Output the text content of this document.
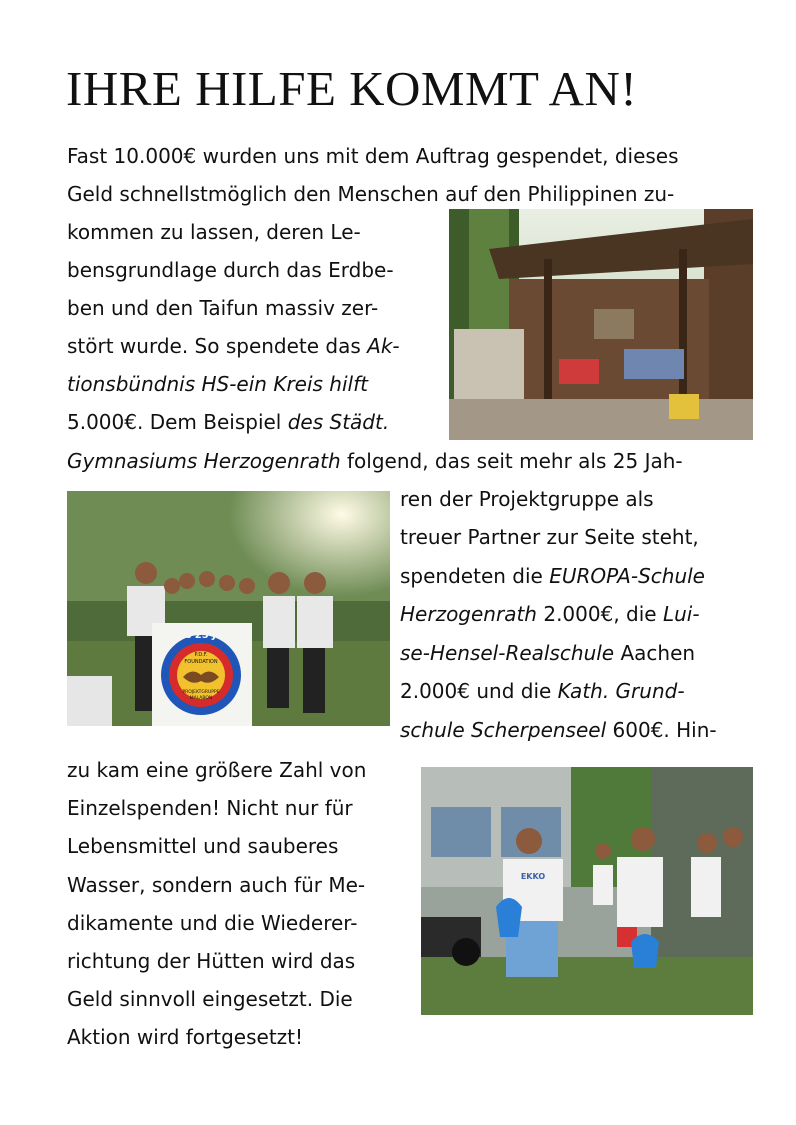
IHRE HILFE KOMMT AN!

Fast 10.000€ wurden uns mit dem Auftrag gespendet, dieses

Geld schnellstmöglich den Menschen auf den Philippinen zu-

kommen zu lassen, deren Le-

bensgrundlage durch das Erdbe-

ben und den Taifun massiv zer-

stört wurde. So spendete das Ak-

tionsbündnis HS-ein Kreis hilft

5.000€. Dem Beispiel des Städt.

Gymnasiums Herzogenrath folgend, das seit mehr als 25 Jah-

ren der Projektgruppe als

treuer Partner zur Seite steht,

spendeten die EUROPA-Schule

Herzogenrath 2.000€, die Lui-

se-Hensel-Realschule Aachen

2.000€ und die Kath. Grund-

schule Scherpenseel 600€. Hin-

zu kam eine größere Zahl von

Einzelspenden! Nicht nur für

Lebensmittel und sauberes

Wasser, sondern auch für Me-

dikamente und die Wiederer-

richtung der Hütten wird das

Geld sinnvoll eingesetzt. Die

Aktion wird fortgesetzt!

Years 25 Jahre
P.D.F.
FOUNDATION
PROJEKTGRUPPE
MALABON
EKKO
